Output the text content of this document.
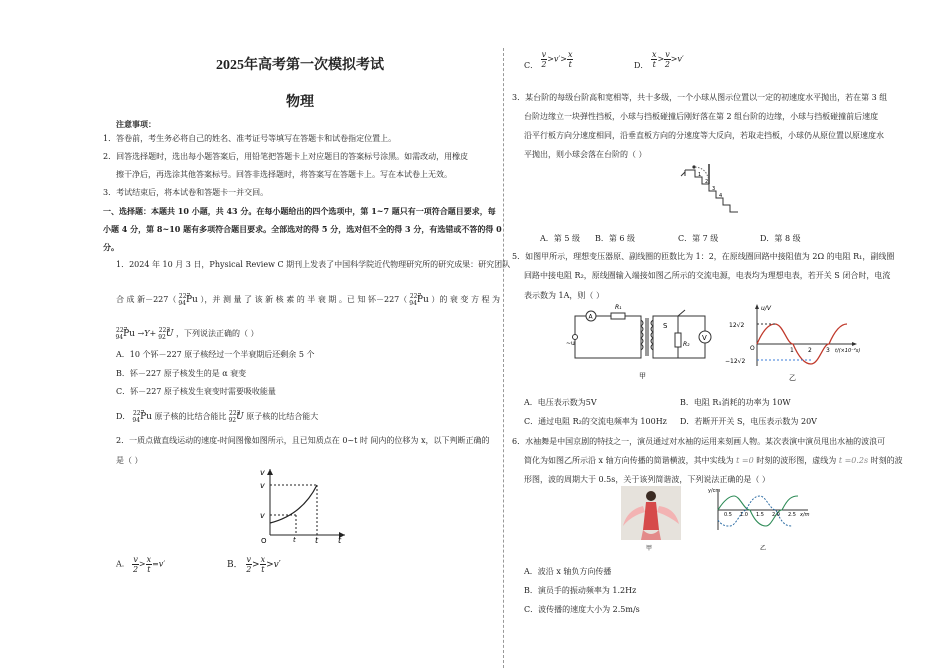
2025年高考第一次模拟考试
物理
注意事项：
1．答卷前，考生务必将自己的姓名、准考证号等填写在答题卡和试卷指定位置上。
2．回答选择题时，选出每小题答案后，用铅笔把答题卡上对应题目的答案标号涂黑。如需改动，用橡皮
擦干净后，再选涂其他答案标号。回答非选择题时，将答案写在答题卡上。写在本试卷上无效。
3．考试结束后，将本试卷和答题卡一并交回。
一、选择题：本题共 10 小题，共 43 分。在每小题给出的四个选项中，第 1~7 题只有一项符合题目要求，每
小题 4 分，第 8~10 题有多项符合题目要求。全部选对的得 5 分，选对但不全的得 3 分，有选错或不答的得 0
分。
1．2024 年 10 月 3 日，Physical Review C 期刊上发表了中国科学院近代物理研究所的研究成果：研究团队
合 成 新－227（ $^{227}_{94}$Pu ），并 测 量 了 该 新 核 素 的 半 衰 期 。已 知 钚－227（ $^{227}_{94}$Pu ）的 衰 变 方 程 为
$^{227}_{94}$Pu →Y+ $^{223}_{92}$U ，下列说法正确的（ ）
A．10 个钚－227 原子核经过一个半衰期后还剩余 5 个
B．钚－227 原子核发生的是 α 衰变
C．钚－227 原子核发生衰变时需要吸收能量
D． $^{227}_{94}$Pu 原子核的比结合能比 $^{223}_{92}$U 原子核的比结合能大
2．一质点做直线运动的速度-时间图像如图所示，且已知质点在 0~t 时 间内的位移为 x，以下判断正确的
是（ ）
v
v
v
O	t t t
A． $\frac{v}{2} > \frac{x}{t} =v'$	B． $\frac{v}{2} > \frac{x}{t} >v'$
C． $\frac{v}{2} >v'> \frac{x}{t}$	D． $\frac{x}{t} > \frac{v}{2} >v'$
3．某台阶的每级台阶高和宽相等，共十多级，一个小球从图示位置以一定的初速度水平抛出，若在第 3 组
台阶边缘立一块弹性挡板，小球与挡板碰撞后刚好落在第 2 组台阶的边缘，小球与挡板碰撞前后速度
沿平行板方向分速度相同，沿垂直板方向的分速度等大反向，若取走挡板，小球仍从原位置以原速度水
平抛出，则小球会落在台阶的（ ）
1
2
3
4
A．第 5 级 B．第 6 级	C．第 7 级	D．第 8 级
5．如图甲所示，理想变压器原、副线圈的匝数比为 1：2，在原线圈回路中接阻值为 2Ω 的电阻 R₁，副线圈
回路中接电阻 R₂，原线圈输入端接如图乙所示的交流电源，电表均为理想电表，若开关 S 闭合时，电流
表示数为 1A，则（ ）
A
R₁
~u	R₂
S
V
甲
u/V
12√2
−12√2
O	1 2 3 t/(×10⁻²s)
乙
A．电压表示数为5V	B．电阻 R₁消耗的功率为 10W
C．通过电阻 R₂的交流电频率为 100Hz D．若断开开关 S，电压表示数为 20V
6．水袖舞是中国京剧的特技之一，演员通过对水袖的运用来刻画人物。某次表演中演员甩出水袖的波浪可
简化为如图乙所示沿 x 轴方向传播的简谐横波，其中实线为 t =0 时刻的波形图，虚线为 t =0.2s 时刻的波
形图，波的周期大于 0.5s，关于该列简谐波，下列说法正确的是（ ）
甲
y/cm
x/m
0.5 1.0 1.5 2.0 2.5
乙
A．波沿 x 轴负方向传播
B．演员手的振动频率为 1.2Hz
C．波传播的速度大小为 2.5m/s
